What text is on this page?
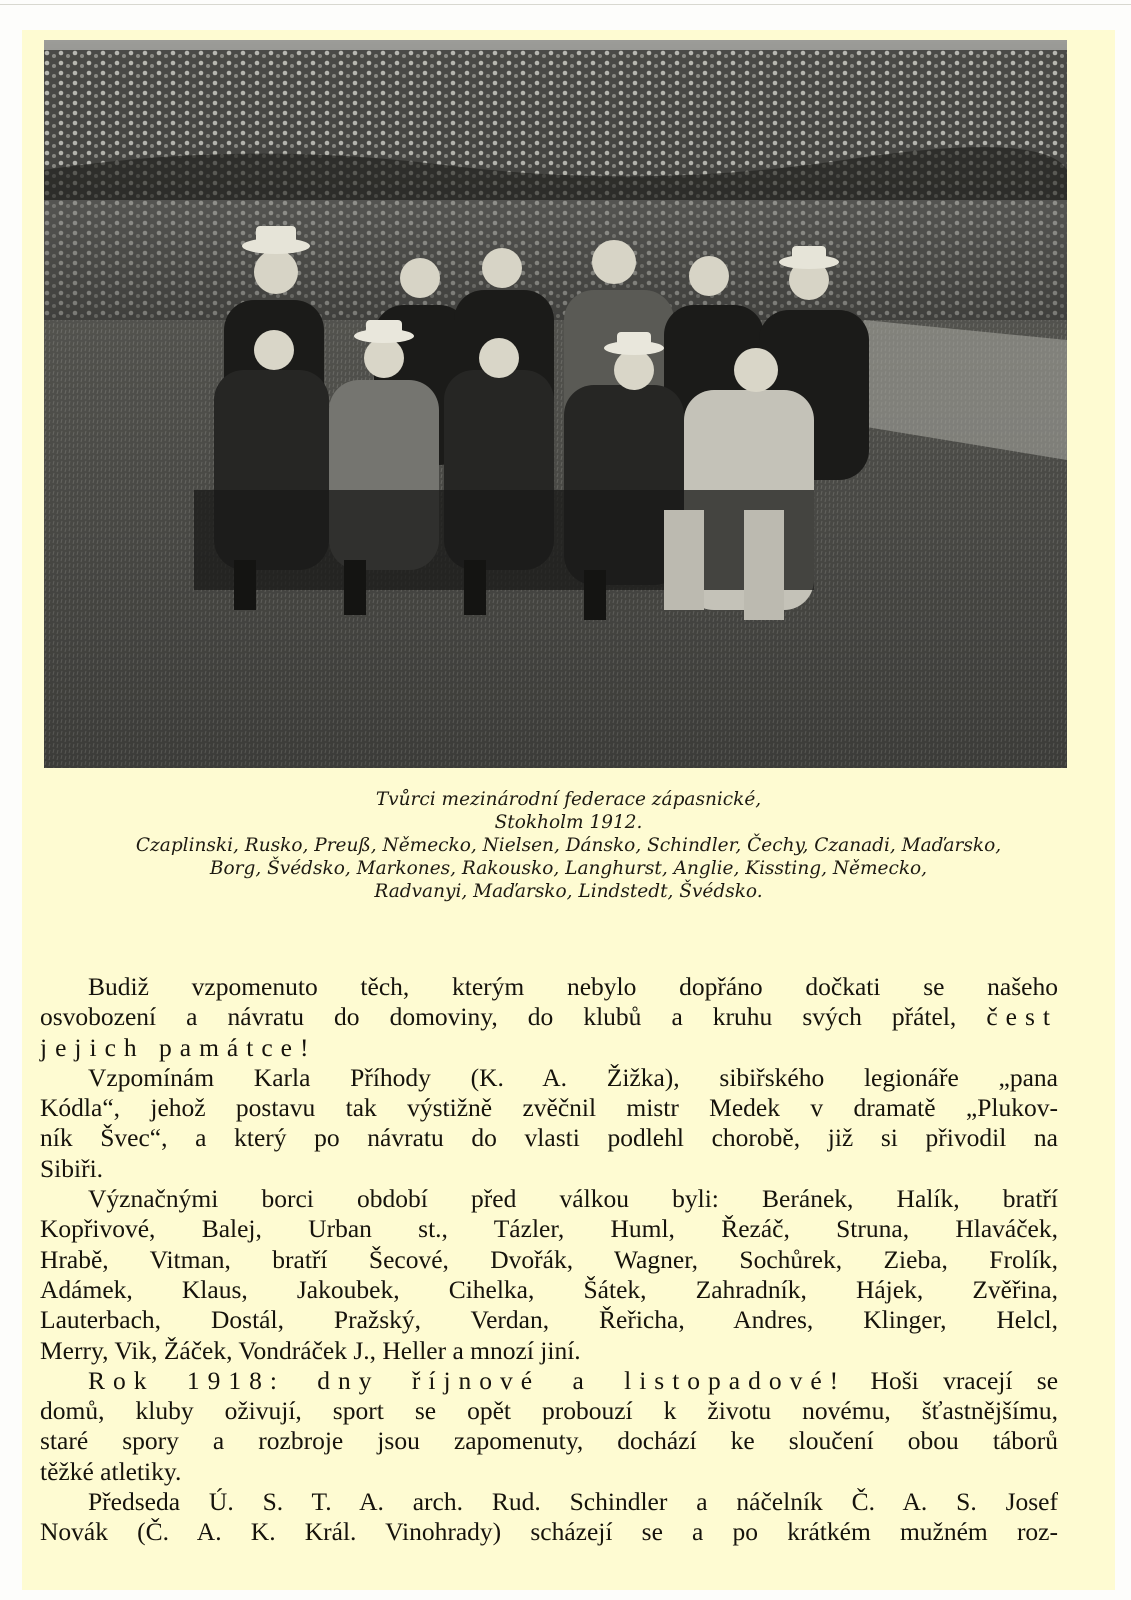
Tvůrci mezinárodní federace zápasnické,
Stokholm 1912.
Czaplinski, Rusko, Preuß, Německo, Nielsen, Dánsko, Schindler, Čechy, Czanadi, Maďarsko,
Borg, Švédsko, Markones, Rakousko, Langhurst, Anglie, Kissting, Německo,
Radvanyi, Maďarsko, Lindstedt, Švédsko.
Budiž vzpomenuto těch, kterým nebylo dopřáno dočkati se našeho
osvobození a návratu do domoviny, do klubů a kruhu svých přátel, čest
jejich památce!
Vzpomínám Karla Příhody (K. A. Žižka), sibiřského legionáře „pana
Kódla“, jehož postavu tak výstižně zvěčnil mistr Medek v dramatě „Plukov-
ník Švec“, a který po návratu do vlasti podlehl chorobě, již si přivodil na
Sibiři.
Význačnými borci období před válkou byli: Beránek, Halík, bratří
Kopřivové, Balej, Urban st., Tázler, Huml, Řezáč, Struna, Hlaváček,
Hrabě, Vitman, bratří Šecové, Dvořák, Wagner, Sochůrek, Zieba, Frolík,
Adámek, Klaus, Jakoubek, Cihelka, Šátek, Zahradník, Hájek, Zvěřina,
Lauterbach, Dostál, Pražský, Verdan, Řeřicha, Andres, Klinger, Helcl,
Merry, Vik, Žáček, Vondráček J., Heller a mnozí jiní.
Rok 1918: dny říjnové a listopadové! Hoši vracejí se
domů, kluby oživují, sport se opět probouzí k životu novému, šťastnějšímu,
staré spory a rozbroje jsou zapomenuty, dochází ke sloučení obou táborů
těžké atletiky.
Předseda Ú. S. T. A. arch. Rud. Schindler a náčelník Č. A. S. Josef
Novák (Č. A. K. Král. Vinohrady) scházejí se a po krátkém mužném roz-
